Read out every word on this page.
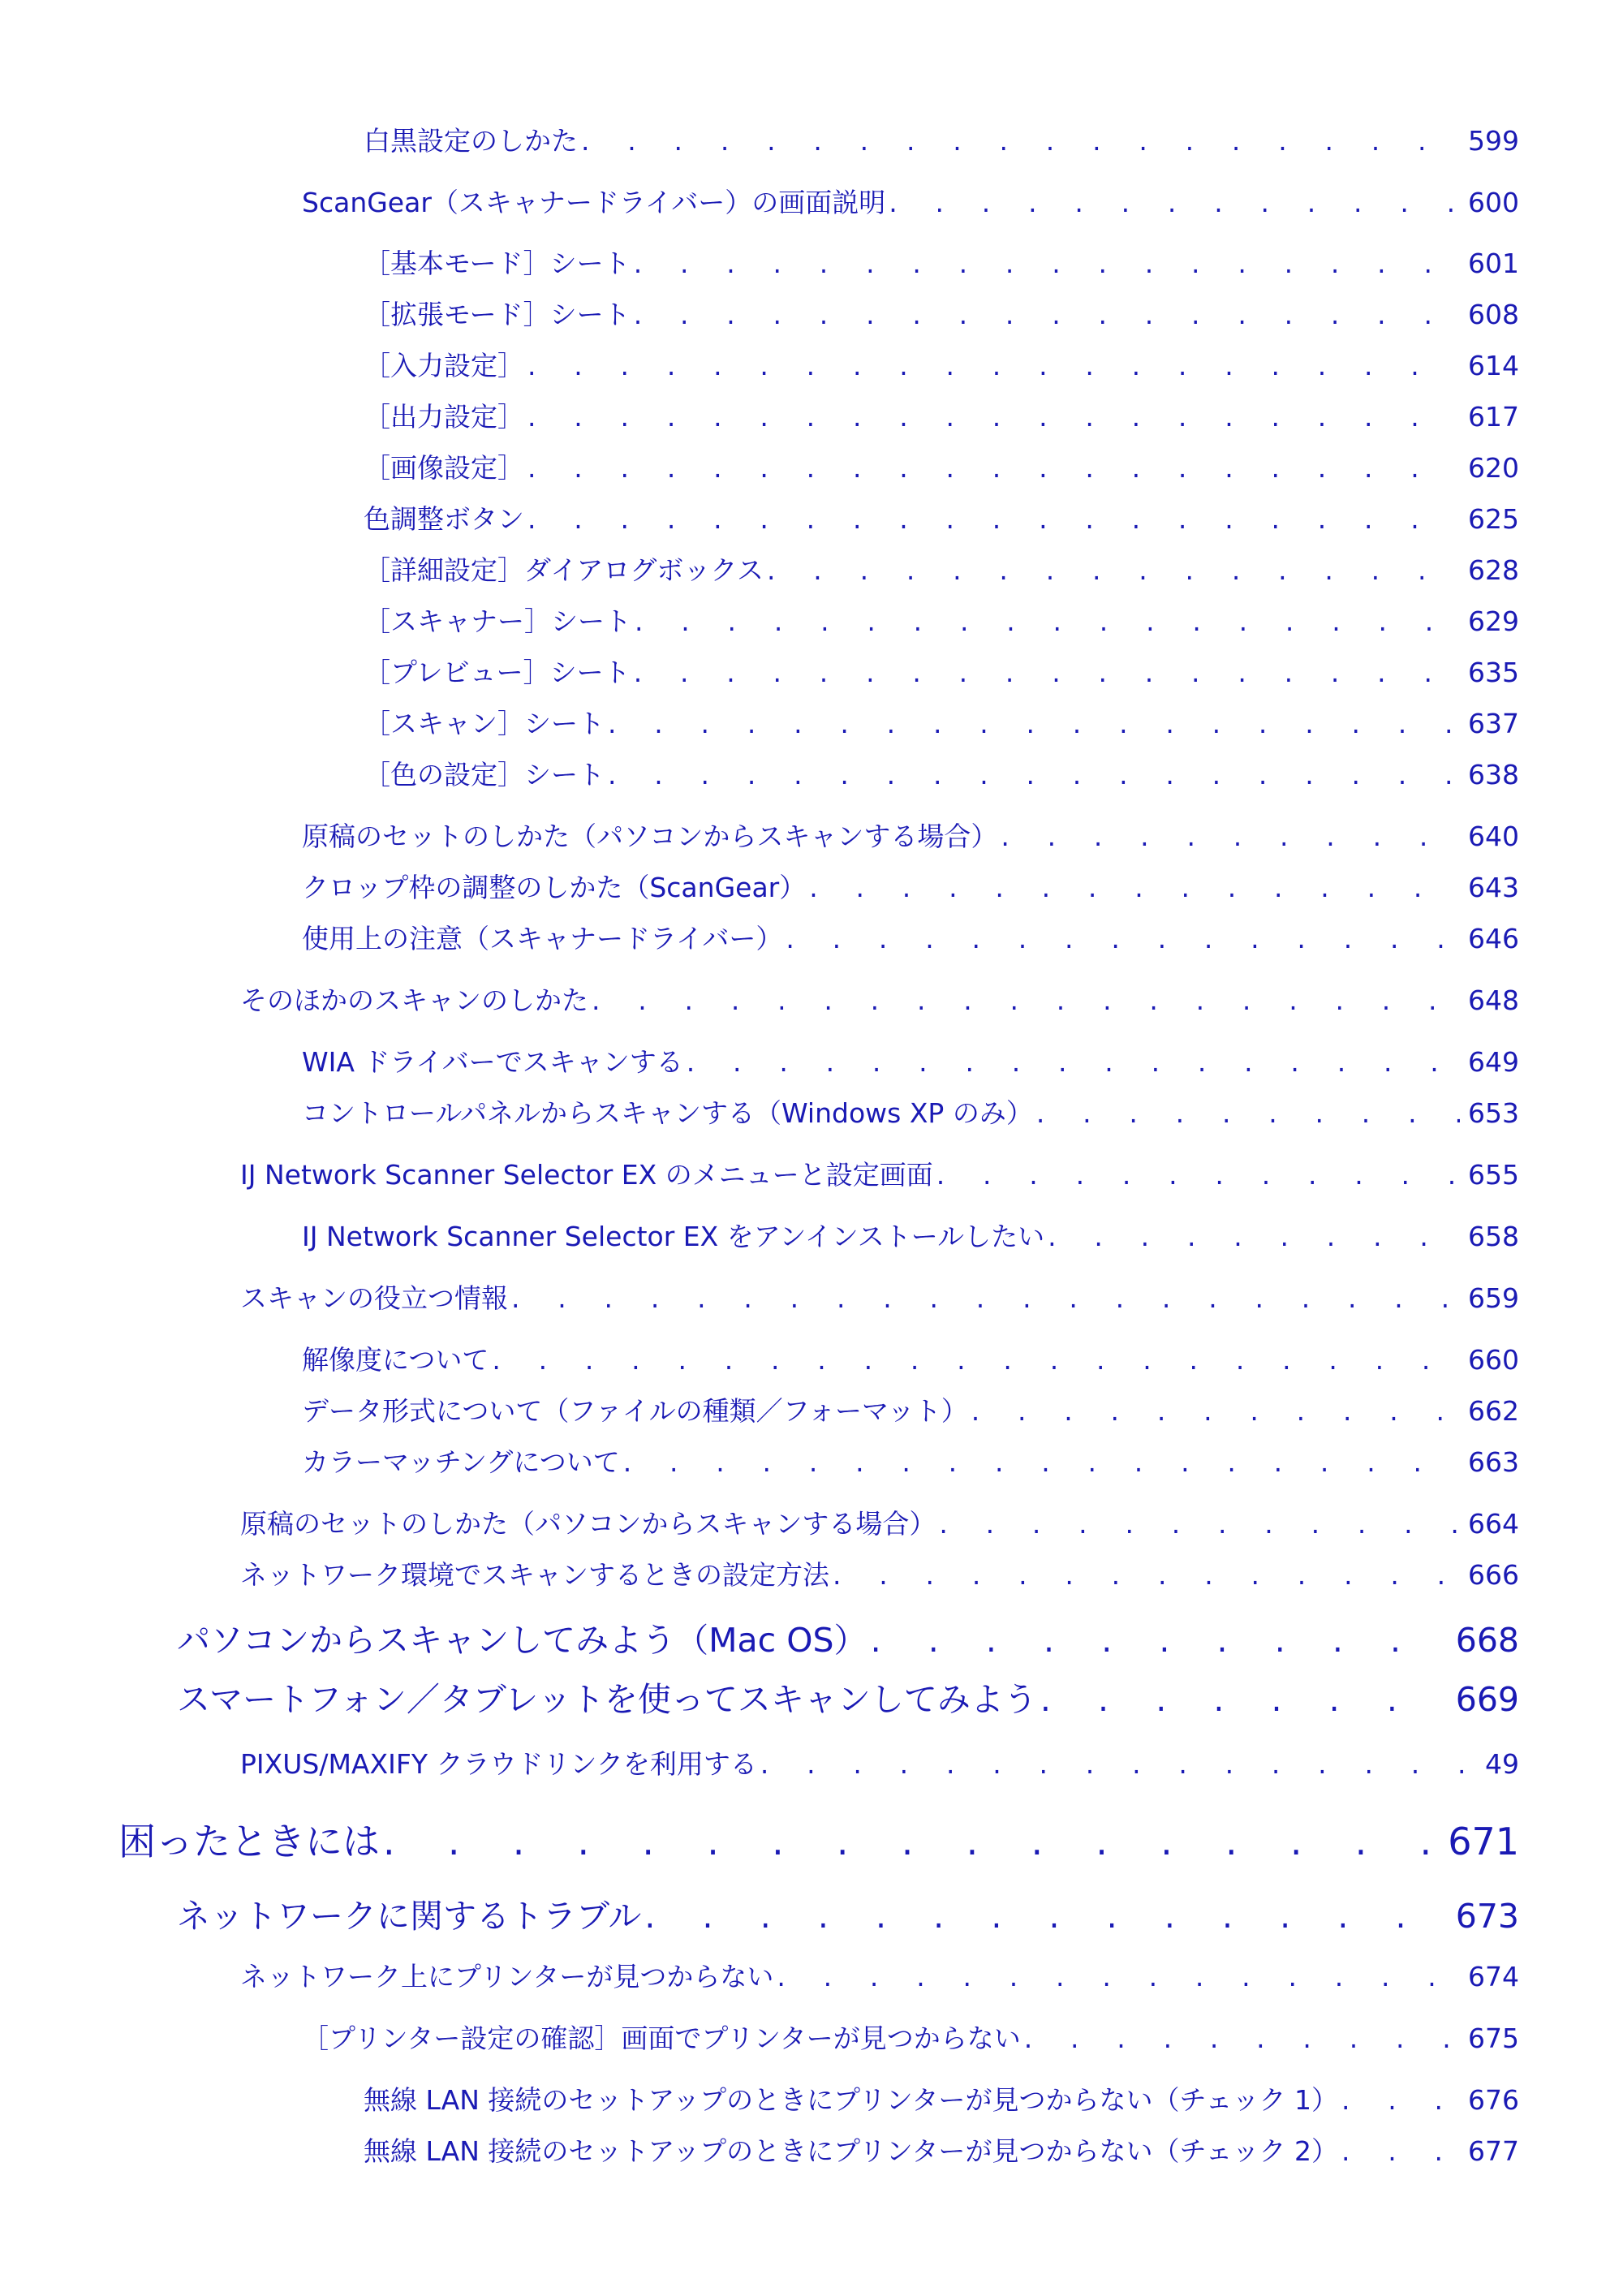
白黒設定のしかた . . .	599
ScanGear（スキャナードライバー）の画面説明 . . .	600
［基本モード］シート . . .	601
［拡張モード］シート . . .	608
［入力設定］ . . .	614
［出力設定］ . . .	617
［画像設定］ . . .	620
色調整ボタン . . .	625
［詳細設定］ダイアログボックス . . .	628
［スキャナー］シート . . .	629
［プレビュー］シート . . .	635
［スキャン］シート . . .	637
［色の設定］シート . . .	638
原稿のセットのしかた（パソコンからスキャンする場合） . . .	640
クロップ枠の調整のしかた（ScanGear） . . .	643
使用上の注意（スキャナードライバー） . . .	646
そのほかのスキャンのしかた . . .	648
WIA ドライバーでスキャンする . . .	649
コントロールパネルからスキャンする（Windows XP のみ） . . .	653
IJ Network Scanner Selector EX のメニューと設定画面 . . .	655
IJ Network Scanner Selector EX をアンインストールしたい . . .	658
スキャンの役立つ情報 . . .	659
解像度について . . .	660
データ形式について（ファイルの種類／フォーマット） . . .	662
カラーマッチングについて . . .	663
原稿のセットのしかた（パソコンからスキャンする場合） . . .	664
ネットワーク環境でスキャンするときの設定方法 . . .	666
パソコンからスキャンしてみよう（Mac OS） . . .	668
スマートフォン／タブレットを使ってスキャンしてみよう . . .	669
PIXUS/MAXIFY クラウドリンクを利用する . . .	49
困ったときには . . .	671
ネットワークに関するトラブル . . .	673
ネットワーク上にプリンターが見つからない . . .	674
［プリンター設定の確認］画面でプリンターが見つからない . . .	675
無線 LAN 接続のセットアップのときにプリンターが見つからない（チェック 1） . . .	676
無線 LAN 接続のセットアップのときにプリンターが見つからない（チェック 2） . . .	677
